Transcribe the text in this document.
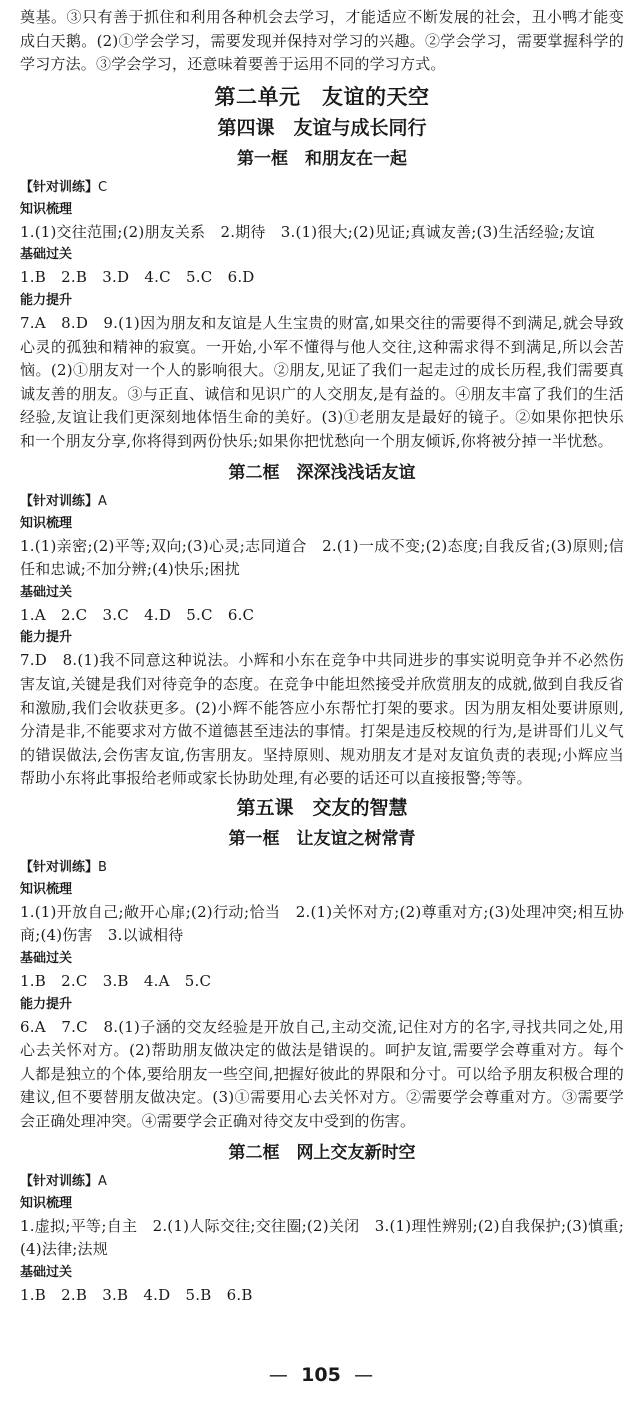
奠基。③只有善于抓住和利用各种机会去学习，才能适应不断发展的社会，丑小鸭才能变成白天鹅。(2)①学会学习，需要发现并保持对学习的兴趣。②学会学习，需要掌握科学的学习方法。③学会学习，还意味着要善于运用不同的学习方式。

第二单元　友谊的天空
第四课　友谊与成长同行
第一框　和朋友在一起
【针对训练】C
知识梳理

1.(1)交往范围;(2)朋友关系　2.期待　3.(1)很大;(2)见证;真诚友善;(3)生活经验;友谊

基础过关

1.B　2.B　3.D　4.C　5.C　6.D

能力提升

7.A　8.D　9.(1)因为朋友和友谊是人生宝贵的财富,如果交往的需要得不到满足,就会导致心灵的孤独和精神的寂寞。一开始,小军不懂得与他人交往,这种需求得不到满足,所以会苦恼。(2)①朋友对一个人的影响很大。②朋友,见证了我们一起走过的成长历程,我们需要真诚友善的朋友。③与正直、诚信和见识广的人交朋友,是有益的。④朋友丰富了我们的生活经验,友谊让我们更深刻地体悟生命的美好。(3)①老朋友是最好的镜子。②如果你把快乐和一个朋友分享,你将得到两份快乐;如果你把忧愁向一个朋友倾诉,你将被分掉一半忧愁。

第二框　深深浅浅话友谊
【针对训练】A
知识梳理

1.(1)亲密;(2)平等;双向;(3)心灵;志同道合　2.(1)一成不变;(2)态度;自我反省;(3)原则;信任和忠诚;不加分辨;(4)快乐;困扰

基础过关

1.A　2.C　3.C　4.D　5.C　6.C

能力提升

7.D　8.(1)我不同意这种说法。小辉和小东在竞争中共同进步的事实说明竞争并不必然伤害友谊,关键是我们对待竞争的态度。在竞争中能坦然接受并欣赏朋友的成就,做到自我反省和激励,我们会收获更多。(2)小辉不能答应小东帮忙打架的要求。因为朋友相处要讲原则,分清是非,不能要求对方做不道德甚至违法的事情。打架是违反校规的行为,是讲哥们儿义气的错误做法,会伤害友谊,伤害朋友。坚持原则、规劝朋友才是对友谊负责的表现;小辉应当帮助小东将此事报给老师或家长协助处理,有必要的话还可以直接报警;等等。

第五课　交友的智慧
第一框　让友谊之树常青
【针对训练】B
知识梳理

1.(1)开放自己;敞开心扉;(2)行动;恰当　2.(1)关怀对方;(2)尊重对方;(3)处理冲突;相互协商;(4)伤害　3.以诚相待

基础过关

1.B　2.C　3.B　4.A　5.C

能力提升

6.A　7.C　8.(1)子涵的交友经验是开放自己,主动交流,记住对方的名字,寻找共同之处,用心去关怀对方。(2)帮助朋友做决定的做法是错误的。呵护友谊,需要学会尊重对方。每个人都是独立的个体,要给朋友一些空间,把握好彼此的界限和分寸。可以给予朋友积极合理的建议,但不要替朋友做决定。(3)①需要用心去关怀对方。②需要学会尊重对方。③需要学会正确处理冲突。④需要学会正确对待交友中受到的伤害。

第二框　网上交友新时空
【针对训练】A
知识梳理

1.虚拟;平等;自主　2.(1)人际交往;交往圈;(2)关闭　3.(1)理性辨别;(2)自我保护;(3)慎重;(4)法律;法规

基础过关

1.B　2.B　3.B　4.D　5.B　6.B

— 105 —
